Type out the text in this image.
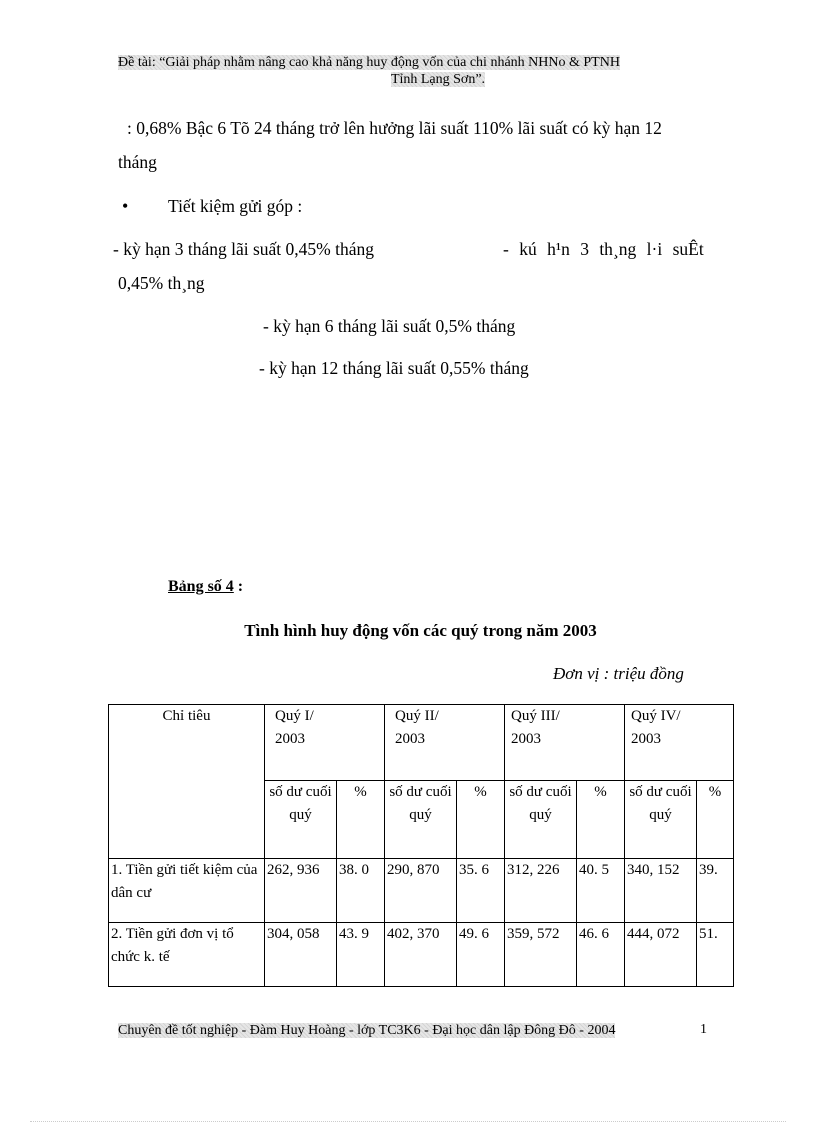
Đề tài: “Giải pháp nhằm nâng cao khả năng huy động vốn của chi nhánh NHNo & PTNH
Tỉnh Lạng Sơn”.
: 0,68% Bậc 6 Tõ 24 tháng trở lên hưởng lãi suất 110% lãi suất có kỳ hạn 12
tháng
• Tiết kiệm gửi góp :
- kỳ hạn 3 tháng lãi suất 0,45% tháng	- kú h¹n 3 th¸ng l·i suÊt
0,45% th¸ng
- kỳ hạn 6 tháng lãi suất 0,5% tháng
- kỳ hạn 12 tháng lãi suất 0,55% tháng
Bảng số 4 :
Tình hình huy động vốn các quý trong năm 2003
Đơn vị : triệu đồng
Chỉ tiêu	Quý I/ 2003		Quý II/ 2003		Quý III/ 2003		Quý IV/ 2003	
	số dư cuối quý	%	số dư cuối quý	%	số dư cuối quý	%	số dư cuối quý	%
1. Tiền gửi tiết kiệm của dân cư	262, 936	38. 0	290, 870	35. 6	312, 226	40. 5	340, 152	39.
2. Tiền gửi đơn vị tổ chức k. tế	304, 058	43. 9	402, 370	49. 6	359, 572	46. 6	444, 072	51.
Chuyên đề tốt nghiệp - Đàm Huy Hoàng - lớp TC3K6 - Đại học dân lập Đông Đô - 2004	1
